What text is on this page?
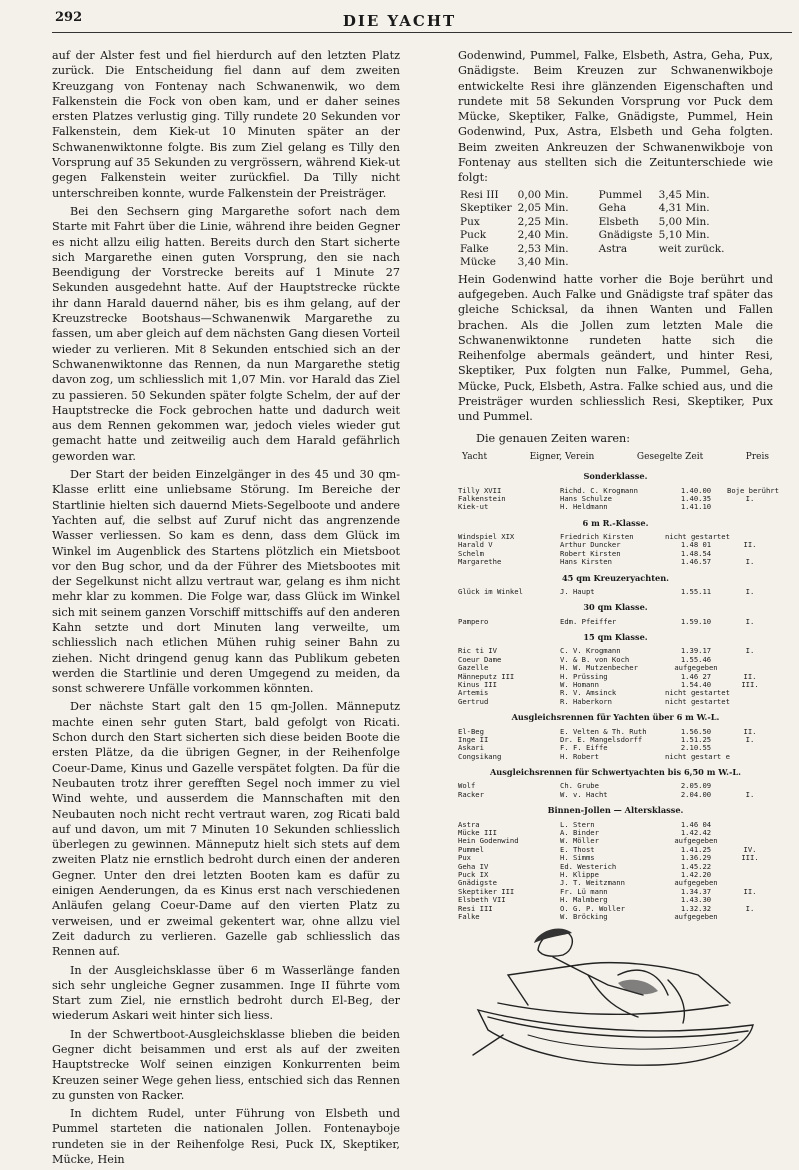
292	DIE YACHT

auf der Alster fest und fiel hierdurch auf den letzten Platz zurück. Die Entscheidung fiel dann auf dem zweiten Kreuzgang von Fontenay nach Schwanenwik, wo dem Falkenstein die Fock von oben kam, und er daher seines ersten Platzes verlustig ging. Tilly rundete 20 Sekunden vor Falkenstein, dem Kiek-ut 10 Minuten später an der Schwanenwiktonne folgte. Bis zum Ziel gelang es Tilly den Vorsprung auf 35 Sekunden zu vergrössern, während Kiek-ut gegen Falkenstein weiter zurückfiel. Da Tilly nicht unterschreiben konnte, wurde Falkenstein der Preisträger.

Bei den Sechsern ging Margarethe sofort nach dem Starte mit Fahrt über die Linie, während ihre beiden Gegner es nicht allzu eilig hatten. Bereits durch den Start sicherte sich Margarethe einen guten Vorsprung, den sie nach Beendigung der Vorstrecke bereits auf 1 Minute 27 Sekunden ausgedehnt hatte. Auf der Hauptstrecke rückte ihr dann Harald dauernd näher, bis es ihm gelang, auf der Kreuzstrecke Bootshaus—Schwanenwik Margarethe zu fassen, um aber gleich auf dem nächsten Gang diesen Vorteil wieder zu verlieren. Mit 8 Sekunden entschied sich an der Schwanenwiktonne das Rennen, da nun Margarethe stetig davon zog, um schliesslich mit 1,07 Min. vor Harald das Ziel zu passieren. 50 Sekunden später folgte Schelm, der auf der Hauptstrecke die Fock gebrochen hatte und dadurch weit aus dem Rennen gekommen war, jedoch vieles wieder gut gemacht hatte und zeitweilig auch dem Harald gefährlich geworden war.

Der Start der beiden Einzelgänger in des 45 und 30 qm-Klasse erlitt eine unliebsame Störung. Im Bereiche der Startlinie hielten sich dauernd Miets-Segelboote und andere Yachten auf, die selbst auf Zuruf nicht das angrenzende Wasser verliessen. So kam es denn, dass dem Glück im Winkel im Augenblick des Startens plötzlich ein Mietsboot vor den Bug schor, und da der Führer des Mietsbootes mit der Segelkunst nicht allzu vertraut war, gelang es ihm nicht mehr klar zu kommen. Die Folge war, dass Glück im Winkel sich mit seinem ganzen Vorschiff mittschiffs auf den anderen Kahn setzte und dort Minuten lang verweilte, um schliesslich nach etlichen Mühen ruhig seiner Bahn zu ziehen. Nicht dringend genug kann das Publikum gebeten werden die Startlinie und deren Umgegend zu meiden, da sonst schwerere Unfälle vorkommen könnten.

Der nächste Start galt den 15 qm-Jollen. Männeputz machte einen sehr guten Start, bald gefolgt von Ricati. Schon durch den Start sicherten sich diese beiden Boote die ersten Plätze, da die übrigen Gegner, in der Reihenfolge Coeur-Dame, Kinus und Gazelle verspätet folgten. Da für die Neubauten trotz ihrer gerefften Segel noch immer zu viel Wind wehte, und ausserdem die Mannschaften mit den Neubauten noch nicht recht vertraut waren, zog Ricati bald auf und davon, um mit 7 Minuten 10 Sekunden schliesslich überlegen zu gewinnen. Männeputz hielt sich stets auf dem zweiten Platz nie ernstlich bedroht durch einen der anderen Gegner. Unter den drei letzten Booten kam es dafür zu einigen Aenderungen, da es Kinus erst nach verschiedenen Anläufen gelang Coeur-Dame auf den vierten Platz zu verweisen, und er zweimal gekentert war, ohne allzu viel Zeit dadurch zu verlieren. Gazelle gab schliesslich das Rennen auf.

In der Ausgleichsklasse über 6 m Wasserlänge fanden sich sehr ungleiche Gegner zusammen. Inge II führte vom Start zum Ziel, nie ernstlich bedroht durch El-Beg, der wiederum Askari weit hinter sich liess.

In der Schwertboot-Ausgleichsklasse blieben die beiden Gegner dicht beisammen und erst als auf der zweiten Hauptstrecke Wolf seinen einzigen Konkurrenten beim Kreuzen seiner Wege gehen liess, entschied sich das Rennen zu gunsten von Racker.

In dichtem Rudel, unter Führung von Elsbeth und Pummel starteten die nationalen Jollen. Fontenayboje rundeten sie in der Reihenfolge Resi, Puck IX, Skeptiker, Mücke, Hein

Godenwind, Pummel, Falke, Elsbeth, Astra, Geha, Pux, Gnädigste. Beim Kreuzen zur Schwanenwikboje entwickelte Resi ihre glänzenden Eigenschaften und rundete mit 58 Sekunden Vorsprung vor Puck dem Mücke, Skeptiker, Falke, Gnädigste, Pummel, Hein Godenwind, Pux, Astra, Elsbeth und Geha folgten. Beim zweiten Ankreuzen der Schwanenwikboje von Fontenay aus stellten sich die Zeitunterschiede wie folgt:

Resi III	0,00 Min.	Pummel	3,45 Min.
Skeptiker	2,05 Min.	Geha	4,31 Min.
Pux	2,25 Min.	Elsbeth	5,00 Min.
Puck	2,40 Min.	Gnädigste	5,10 Min.
Falke	2,53 Min.	Astra	weit zurück.
Mücke	3,40 Min.		

Hein Godenwind hatte vorher die Boje berührt und aufgegeben. Auch Falke und Gnädigste traf später das gleiche Schicksal, da ihnen Wanten und Fallen brachen. Als die Jollen zum letzten Male die Schwanenwiktonne rundeten hatte sich die Reihenfolge abermals geändert, und hinter Resi, Skeptiker, Pux folgten nun Falke, Pummel, Geha, Mücke, Puck, Elsbeth, Astra. Falke schied aus, und die Preisträger wurden schliesslich Resi, Skeptiker, Pux und Pummel.

Die genauen Zeiten waren:

Yacht	Eigner, Verein	Gesegelte Zeit	Preis
Sonderklasse.
Tilly XVII	Richd. C. Krogmann	1.40.00	Boje berührt
Falkenstein	Hans Schulze	1.40.35	I.
Kiek-ut	H. Heldmann	1.41.10
6 m R.-Klasse.
Windspiel XIX	Friedrich Kirsten	nicht gestartet
Harald V	Arthur Duncker	1.48 01	II.
Schelm	Robert Kirsten	1.48.54
Margarethe	Hans Kirsten	1.46.57	I.
45 qm Kreuzeryachten.
Glück im Winkel	J. Haupt	1.55.11	I.
30 qm Klasse.
Pampero	Edm. Pfeiffer	1.59.10	I.
15 qm Klasse.
Ric ti IV	C. V. Krogmann	1.39.17	I.
Coeur Dame	V. & B. von Koch	1.55.46
Gazelle	H. W. Mutzenbecher	aufgegeben
Männeputz III	H. Prüssing	1.46 27	II.
Kinus III	W. Homann	1.54.40	III.
Artemis	R. V. Amsinck	nicht gestartet
Gertrud	R. Haberkorn	nicht gestartet
Ausgleichsrennen für Yachten über 6 m W.-L.
El-Beg	E. Velten & Th. Ruth	1.56.50	II.
Inge II	Dr. E. Mangelsdorff	1.51.25	I.
Askari	F. F. Eiffe	2.10.55
Congsikang	H. Robert	nicht gestart e
Ausgleichsrennen für Schwertyachten bis 6,50 m W.-L.
Wolf	Ch. Grube	2.05.09
Racker	W. v. Hacht	2.04.00	I.
Binnen-Jollen — Altersklasse.
Astra	L. Stern	1.46 04
Mücke III	A. Binder	1.42.42
Hein Godenwind	W. Möller	aufgegeben
Pummel	E. Thost	1.41.25	IV.
Pux	H. Simms	1.36.29	III.
Geha IV	Ed. Westerich	1.45.22
Puck IX	H. Klippe	1.42.20
Gnädigste	J. T. Weitzmann	aufgegeben
Skeptiker III	Fr. Lü mann	1.34.37	II.
Elsbeth VII	H. Malmberg	1.43.30
Resi III	O. G. P. Woller	1.32.32	I.
Falke	W. Bröcking	aufgegeben
